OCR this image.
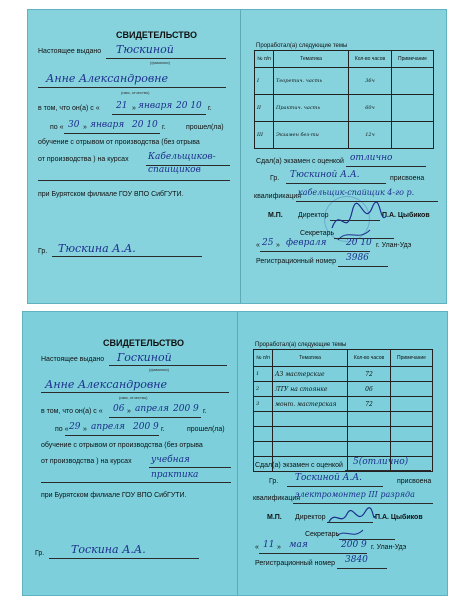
СВИДЕТЕЛЬСТВО
Настоящее выдано Тюскиной
(фамилия)
Анне Александровне
(имя, отчество)
в том, что он(а) с « 21 » января 20 10 г.
по « 30 » января 20 10 г.	прошел(ла)
обучение с отрывом от производства (без отрыва
от производства ) на курсах Кабельщиков-спайщиков
при Бурятском филиале ГОУ ВПО СибГУТИ.
Гр. Тюскина А.А.
Проработал(а) следующие темы
№ п/п	Тематика	Кол-во часов	Примечание
I	Теоретич. часть	36ч	
II	Практич. часть	60ч	
III	Экзамен без-ти	12ч	
Сдал(а) экзамен с оценкой отлично
Гр. Тюскиной А.А.	присвоена
квалификация
кабельщик-спайщик 4-го р.
М.П. Директор	П.А. Цыбиков
Секретарь
« 25 » февраля 20 10 г. Улан-Удэ
Регистрационный номер 3986
СВИДЕТЕЛЬСТВО
Настоящее выдано Госкиной
(фамилия)
Анне Александровне
(имя, отчество)
в том, что он(а) с « 06 » апреля 200 9 г.
по « 29 » апреля 200 9 г.	прошел(ла)
обучение с отрывом от производства (без отрыва
от производства ) на курсах учебная практика
при Бурятском филиале ГОУ ВПО СибГУТИ.
Гр. Тоскина А.А.
Проработал(а) следующие темы
№ п/п	Тематика	Кол-во часов	Примечание
1	АЗ мастерские	72	
2	ЛТУ на стоянке	06	
3	монт. мастерская	72	

Сдал(а) экзамен с оценкой 5(отлично)
Гр. Тоскиной А.А.	присвоена
квалификация
электромонтер III разряда
М.П. Директор	П.А. Цыбиков
Секретарь
« 11 » мая	200 9 г. Улан-Удэ
Регистрационный номер 3840
